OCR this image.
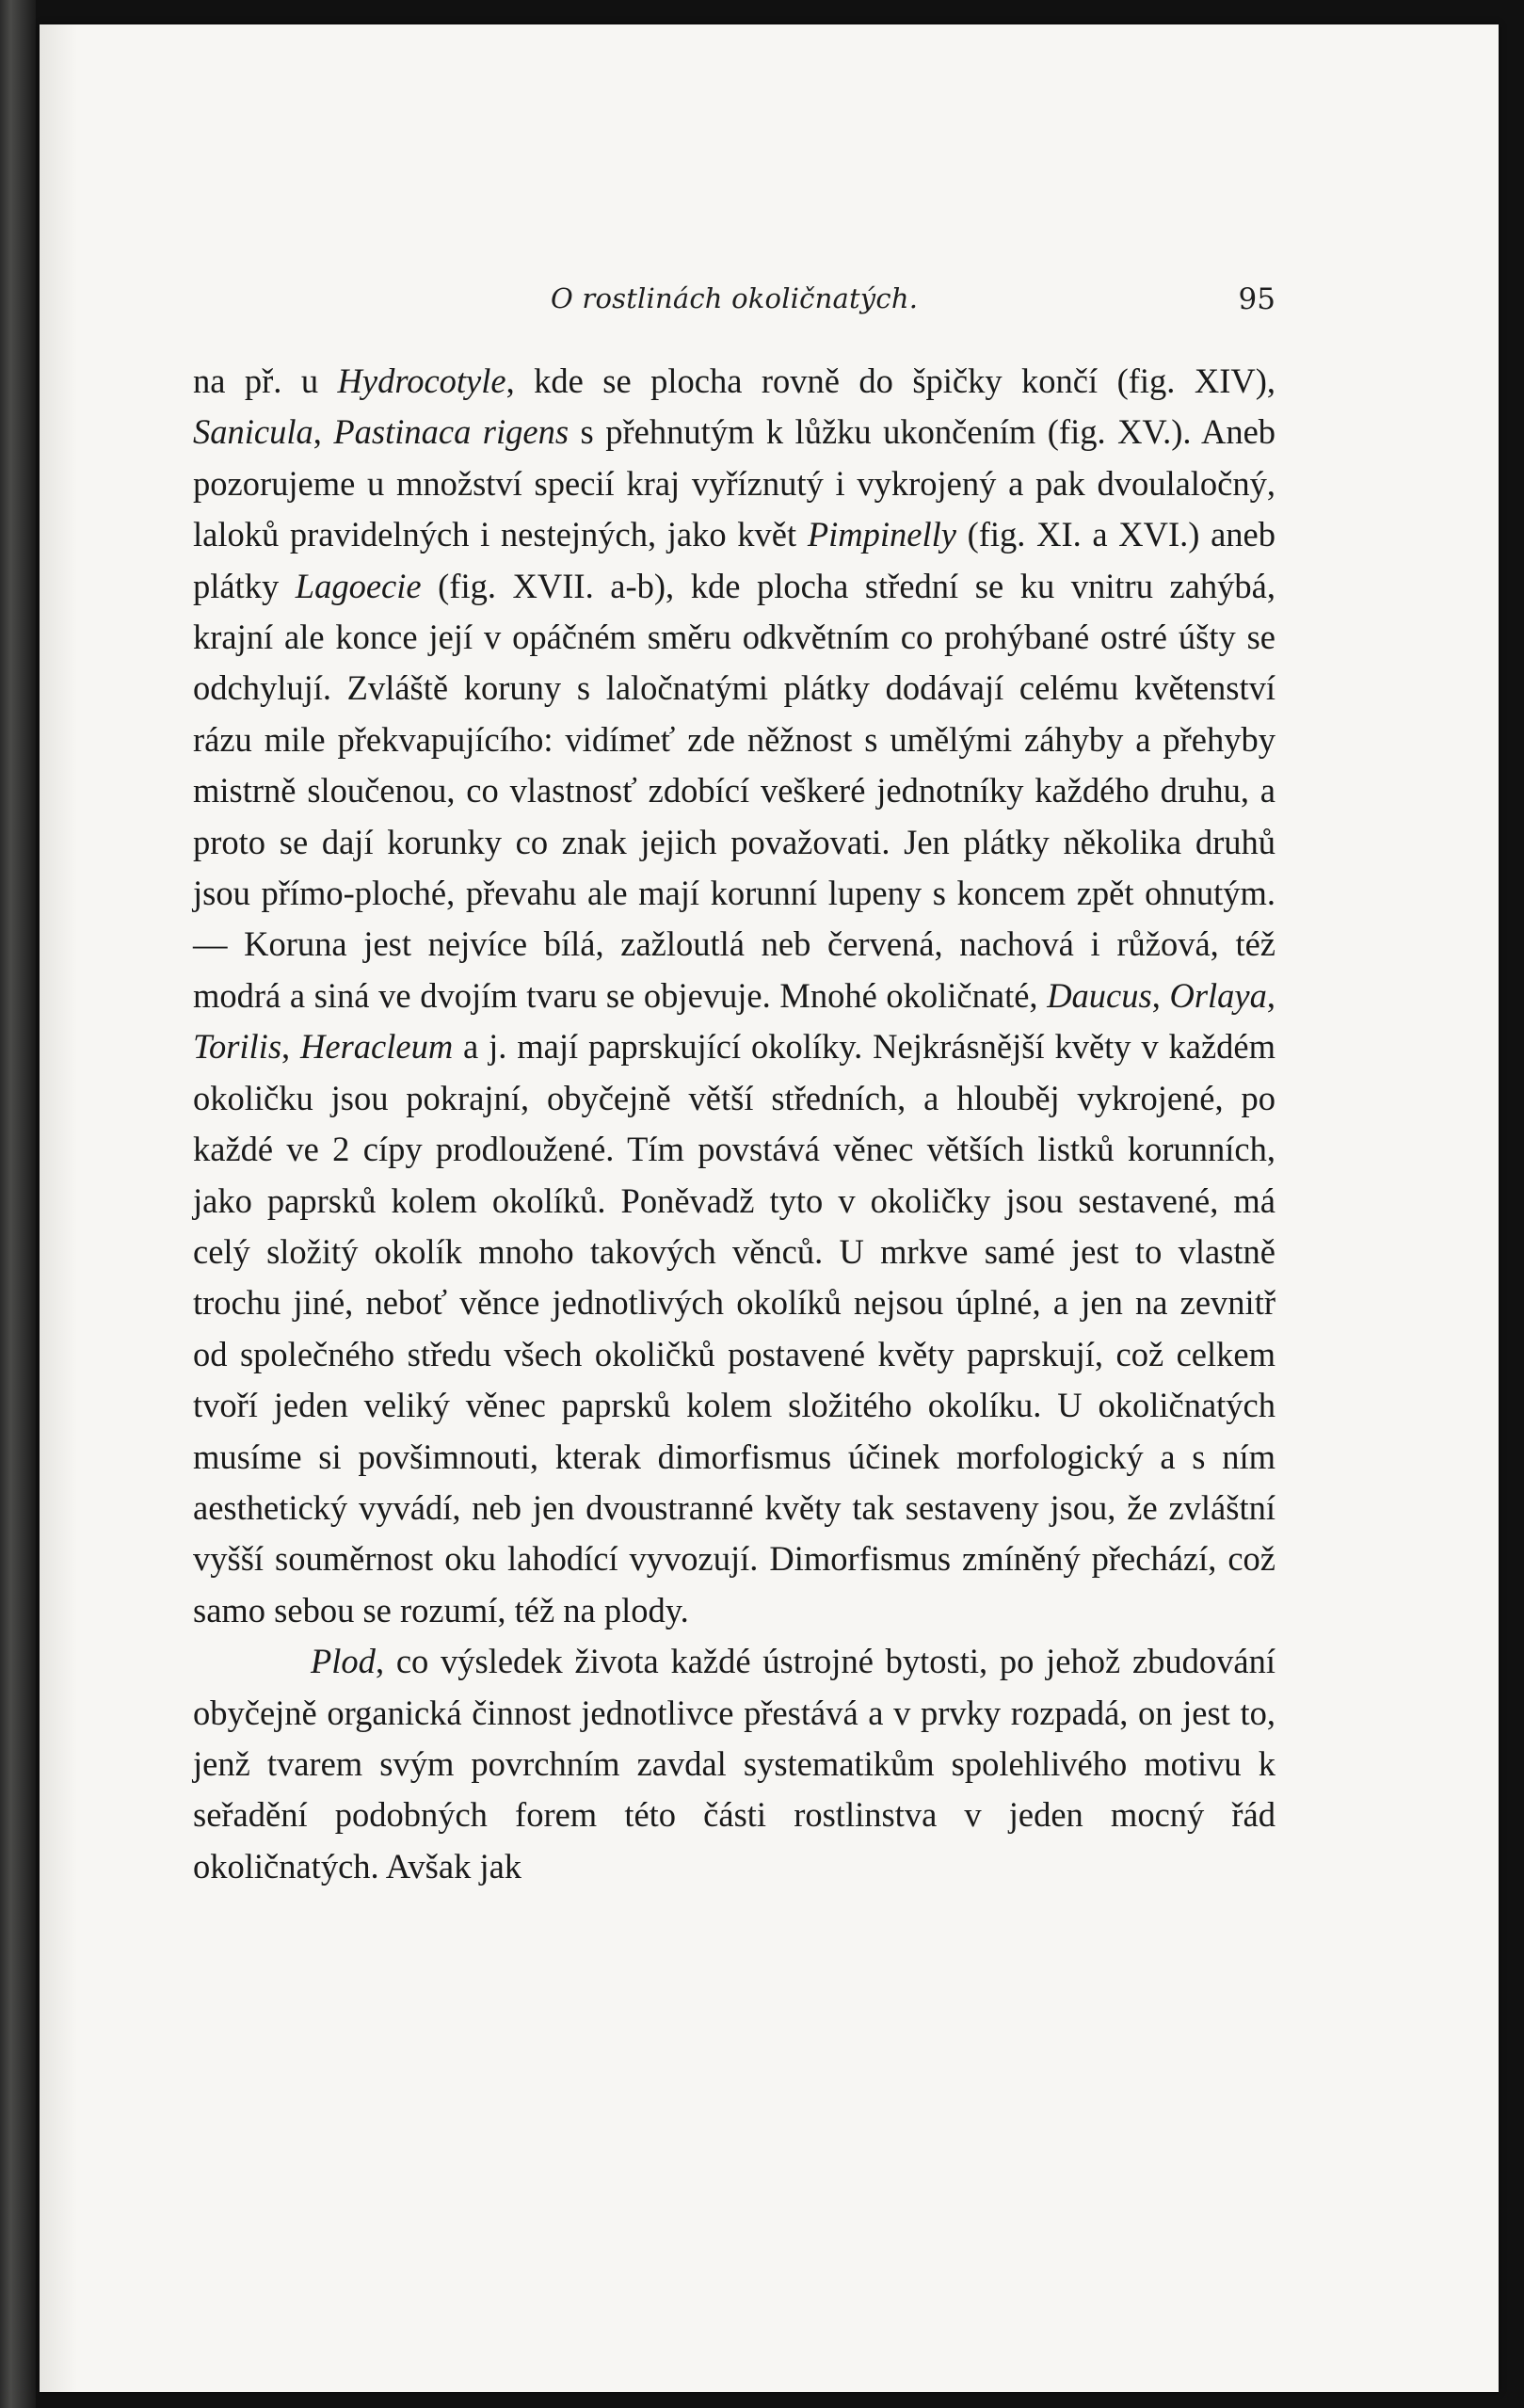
O rostlinách okoličnatých.	95

na př. u Hydrocotyle, kde se plocha rovně do špičky končí (fig. XIV), Sanicula, Pastinaca rigens s přehnutým k lůžku ukončením (fig. XV.). Aneb pozorujeme u množství specií kraj vyříznutý i vykrojený a pak dvoulaločný, laloků pravidelných i nestejných, jako květ Pimpinelly (fig. XI. a XVI.) aneb plátky Lagoecie (fig. XVII. a-b), kde plocha střední se ku vnitru zahýbá, krajní ale konce její v opáčném směru odkvětním co prohýbané ostré úšty se odchylují. Zvláště koruny s laločnatými plátky dodávají celému květenství rázu mile překvapujícího: vidímeť zde něžnost s umělými záhyby a přehyby mistrně sloučenou, co vlastnosť zdobící veškeré jednotníky každého druhu, a proto se dají korunky co znak jejich považovati. Jen plátky několika druhů jsou přímo-ploché, převahu ale mají korunní lupeny s koncem zpět ohnutým. — Koruna jest nejvíce bílá, zažloutlá neb červená, nachová i růžová, též modrá a siná ve dvojím tvaru se objevuje. Mnohé okoličnaté, Daucus, Orlaya, Torilis, Heracleum a j. mají paprskující okolíky. Nejkrásnější květy v každém okoličku jsou pokrajní, obyčejně větší středních, a hlouběj vykrojené, po každé ve 2 cípy prodloužené. Tím povstává věnec větších listků korunních, jako paprsků kolem okolíků. Poněvadž tyto v okoličky jsou sestavené, má celý složitý okolík mnoho takových věnců. U mrkve samé jest to vlastně trochu jiné, neboť věnce jednotlivých okolíků nejsou úplné, a jen na zevnitř od společného středu všech okoličků postavené květy paprskují, což celkem tvoří jeden veliký věnec paprsků kolem složitého okolíku. U okoličnatých musíme si povšimnouti, kterak dimorfismus účinek morfologický a s ním aesthetický vyvádí, neb jen dvoustranné květy tak sestaveny jsou, že zvláštní vyšší souměrnost oku lahodící vyvozují. Dimorfismus zmíněný přechází, což samo sebou se rozumí, též na plody.

Plod, co výsledek života každé ústrojné bytosti, po jehož zbudování obyčejně organická činnost jednotlivce přestává a v prvky rozpadá, on jest to, jenž tvarem svým povrchním zavdal systematikům spolehlivého motivu k seřadění podobných forem této části rostlinstva v jeden mocný řád okoličnatých. Avšak jak
